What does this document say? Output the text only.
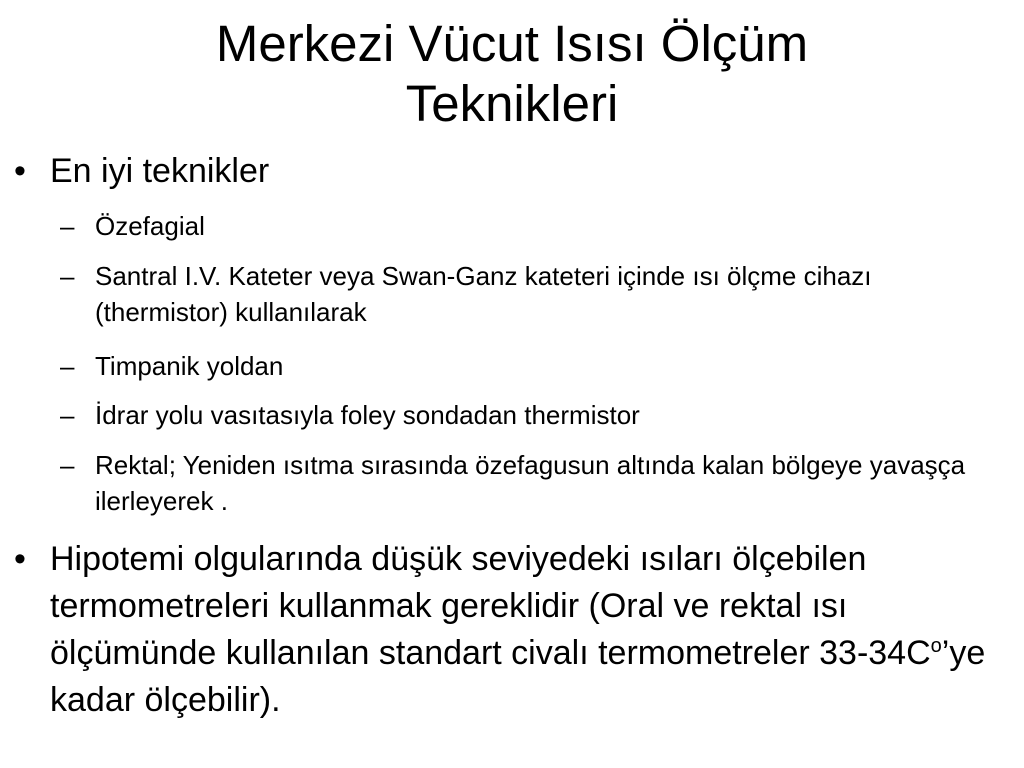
Merkezi Vücut Isısı Ölçüm
Teknikleri
• En iyi teknikler
– Özefagial
– Santral I.V. Kateter veya Swan-Ganz kateteri içinde ısı ölçme cihazı (thermistor) kullanılarak
– Timpanik yoldan
– İdrar yolu vasıtasıyla foley sondadan thermistor
– Rektal; Yeniden ısıtma sırasında özefagusun altında kalan bölgeye yavaşça ilerleyerek .
• Hipotemi olgularında düşük seviyedeki ısıları ölçebilen termometreleri kullanmak gereklidir (Oral ve rektal ısı ölçümünde kullanılan standart civalı termometreler $33-34C^o’ye$ kadar ölçebilir).
